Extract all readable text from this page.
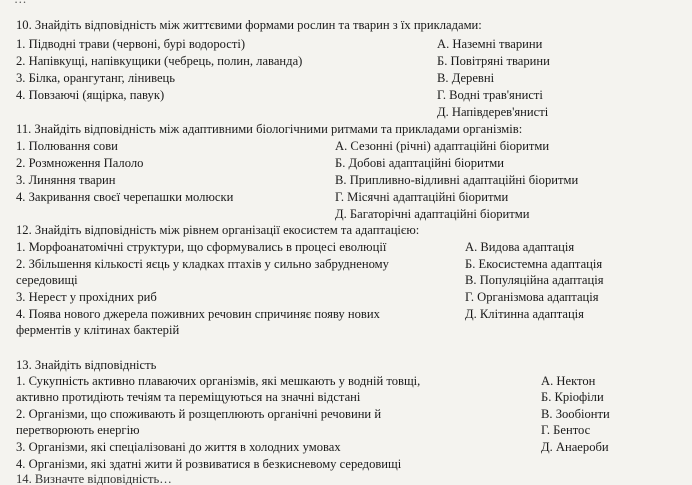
10. Знайдіть відповідність між життєвими формами рослин та тварин з їх прикладами:
1. Підводні трави (червоні, бурі водорості)
2. Напівкущі, напівкущики (чебрець, полин, лаванда)
3. Білка, орангутанг, лінивець
4. Повзаючі (ящірка, павук)
А. Наземні тварини
Б. Повітряні тварини
В. Деревні
Г. Водні трав'янисті
Д. Напівдерев'янисті
11. Знайдіть відповідність між адаптивними біологічними ритмами та прикладами організмів:
1. Полювання сови
2. Розмноження Палоло
3. Линяння тварин
4. Закривання своєї черепашки молюски
А. Сезонні (річні) адаптаційні біоритми
Б. Добові адаптаційні біоритми
В. Припливно-відливні адаптаційні біоритми
Г. Місячні адаптаційні біоритми
Д. Багаторічні адаптаційні біоритми
12. Знайдіть відповідність між рівнем організації екосистем та адаптацією:
1. Морфоанатомічні структури, що сформувались в процесі еволюції
2. Збільшення кількості яєць у кладках птахів у сильно забрудненому
середовищі
3. Нерест у прохідних риб
4. Поява нового джерела поживних речовин спричиняє появу нових
ферментів у клітинах бактерій
А. Видова адаптація
Б. Екосистемна адаптація
В. Популяційна адаптація
Г. Організмова адаптація
Д. Клітинна адаптація
13. Знайдіть відповідність
1. Сукупність активно плаваючих організмів, які мешкають у водній товщі,
активно протидіють течіям та переміщуються на значні відстані
2. Організми, що споживають й розщеплюють органічні речовини й
перетворюють енергію
3. Організми, які спеціалізовані до життя в холодних умовах
4. Організми, які здатні жити й розвиватися в безкисневому середовищі
А. Нектон
Б. Кріофіли
В. Зообіонти
Г. Бентос
Д. Анаероби
14. Визначте відповідність…
